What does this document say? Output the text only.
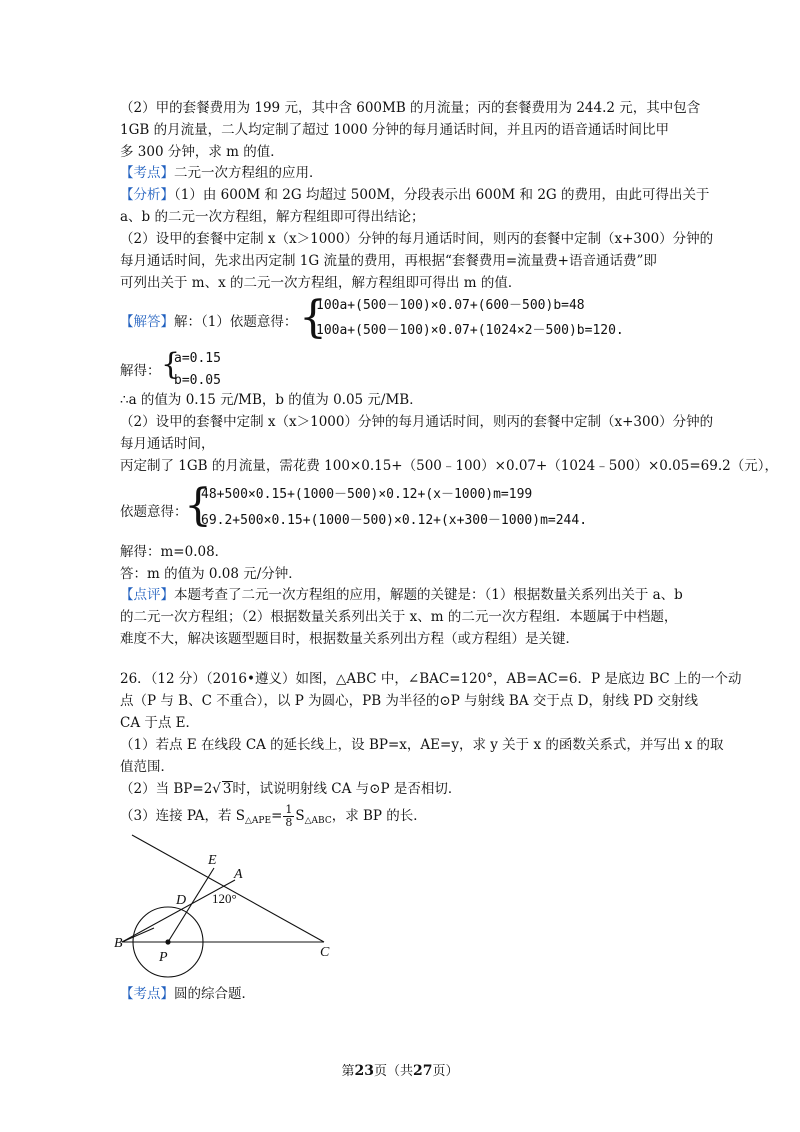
（2）甲的套餐费用为 199 元，其中含 600MB 的月流量；丙的套餐费用为 244.2 元，其中包含
1GB 的月流量，二人均定制了超过 1000 分钟的每月通话时间，并且丙的语音通话时间比甲
多 300 分钟，求 m 的值．
【考点】二元一次方程组的应用．
【分析】（1）由 600M 和 2G 均超过 500M，分段表示出 600M 和 2G 的费用，由此可得出关于
a、b 的二元一次方程组，解方程组即可得出结论；
（2）设甲的套餐中定制 x（x＞1000）分钟的每月通话时间，则丙的套餐中定制（x+300）分钟的
每月通话时间，先求出丙定制 1G 流量的费用，再根据“套餐费用=流量费+语音通话费”即
可列出关于 m、x 的二元一次方程组，解方程组即可得出 m 的值．
【解答】解：（1）依题意得： {
100a+(500－100)×0.07+(600－500)b=48
100a+(500－100)×0.07+(1024×2－500)b=120.
解得： {
a=0.15
b=0.05
∴a 的值为 0.15 元/MB，b 的值为 0.05 元/MB．
（2）设甲的套餐中定制 x（x＞1000）分钟的每月通话时间，则丙的套餐中定制（x+300）分钟的
每月通话时间，
丙定制了 1GB 的月流量，需花费 100×0.15+（500﹣100）×0.07+（1024﹣500）×0.05=69.2（元），
依题意得：
{
48+500×0.15+(1000－500)×0.12+(x－1000)m=199
69.2+500×0.15+(1000－500)×0.12+(x+300－1000)m=244.
解得：m=0.08．
答：m 的值为 0.08 元/分钟．
【点评】本题考查了二元一次方程组的应用，解题的关键是：（1）根据数量关系列出关于 a、b
的二元一次方程组；（2）根据数量关系列出关于 x、m 的二元一次方程组．本题属于中档题，
难度不大，解决该题型题目时，根据数量关系列出方程（或方程组）是关键．
26．（12 分）（2016•遵义）如图，△ABC 中，∠BAC=120°，AB=AC=6．P 是底边 BC 上的一个动
点（P 与 B、C 不重合），以 P 为圆心，PB 为半径的⊙P 与射线 BA 交于点 D，射线 PD 交射线
CA 于点 E．
（1）若点 E 在线段 CA 的延长线上，设 BP=x，AE=y，求 y 关于 x 的函数关系式，并写出 x 的取
值范围．
（2）当 BP=2√ 3时，试说明射线 CA 与⊙P 是否相切．
（3）连接 PA，若 $S_{\triangle APE}= \frac{1}{8} S_{\triangle ABC}$，求 BP 的长．
E
A
D
B
P	C
120°
【考点】圆的综合题．
第23页（共27页）
